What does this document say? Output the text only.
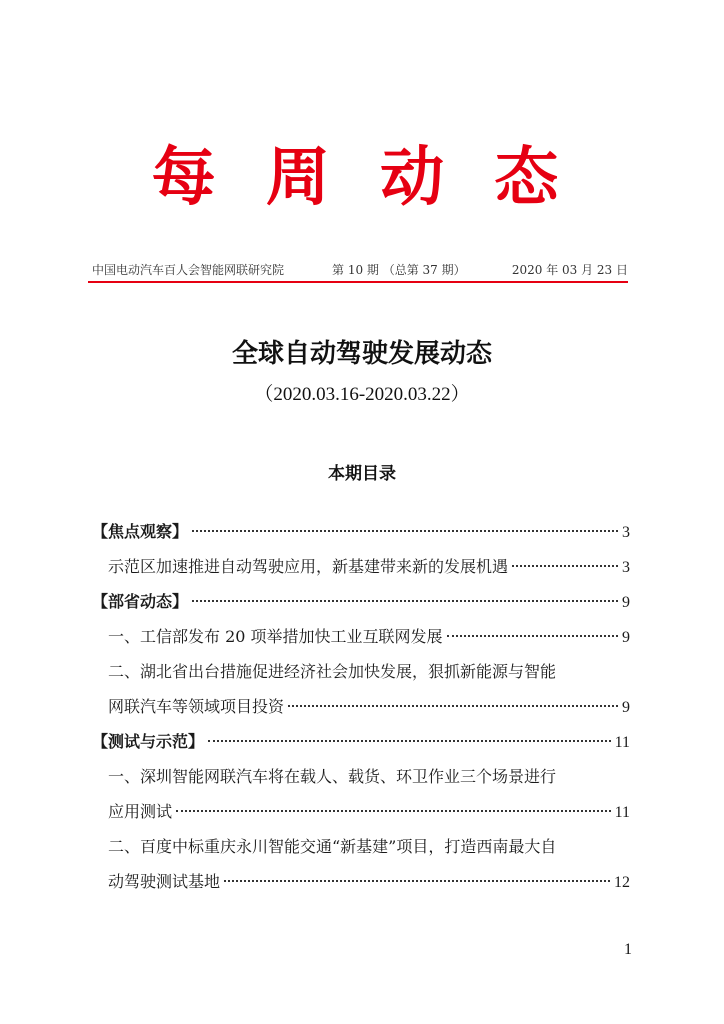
每 周 动 态
中国电动汽车百人会智能网联研究院	第 10 期 （总第 37 期）	2020 年 03 月 23 日
全球自动驾驶发展动态
（2020.03.16-2020.03.22）
本期目录
【焦点观察】	3
示范区加速推进自动驾驶应用，新基建带来新的发展机遇	3
【部省动态】	9
一、工信部发布 20 项举措加快工业互联网发展	9
二、湖北省出台措施促进经济社会加快发展，狠抓新能源与智能
网联汽车等领域项目投资	9
【测试与示范】	11
一、深圳智能网联汽车将在载人、载货、环卫作业三个场景进行
应用测试	11
二、百度中标重庆永川智能交通“新基建”项目，打造西南最大自
动驾驶测试基地	12
1
